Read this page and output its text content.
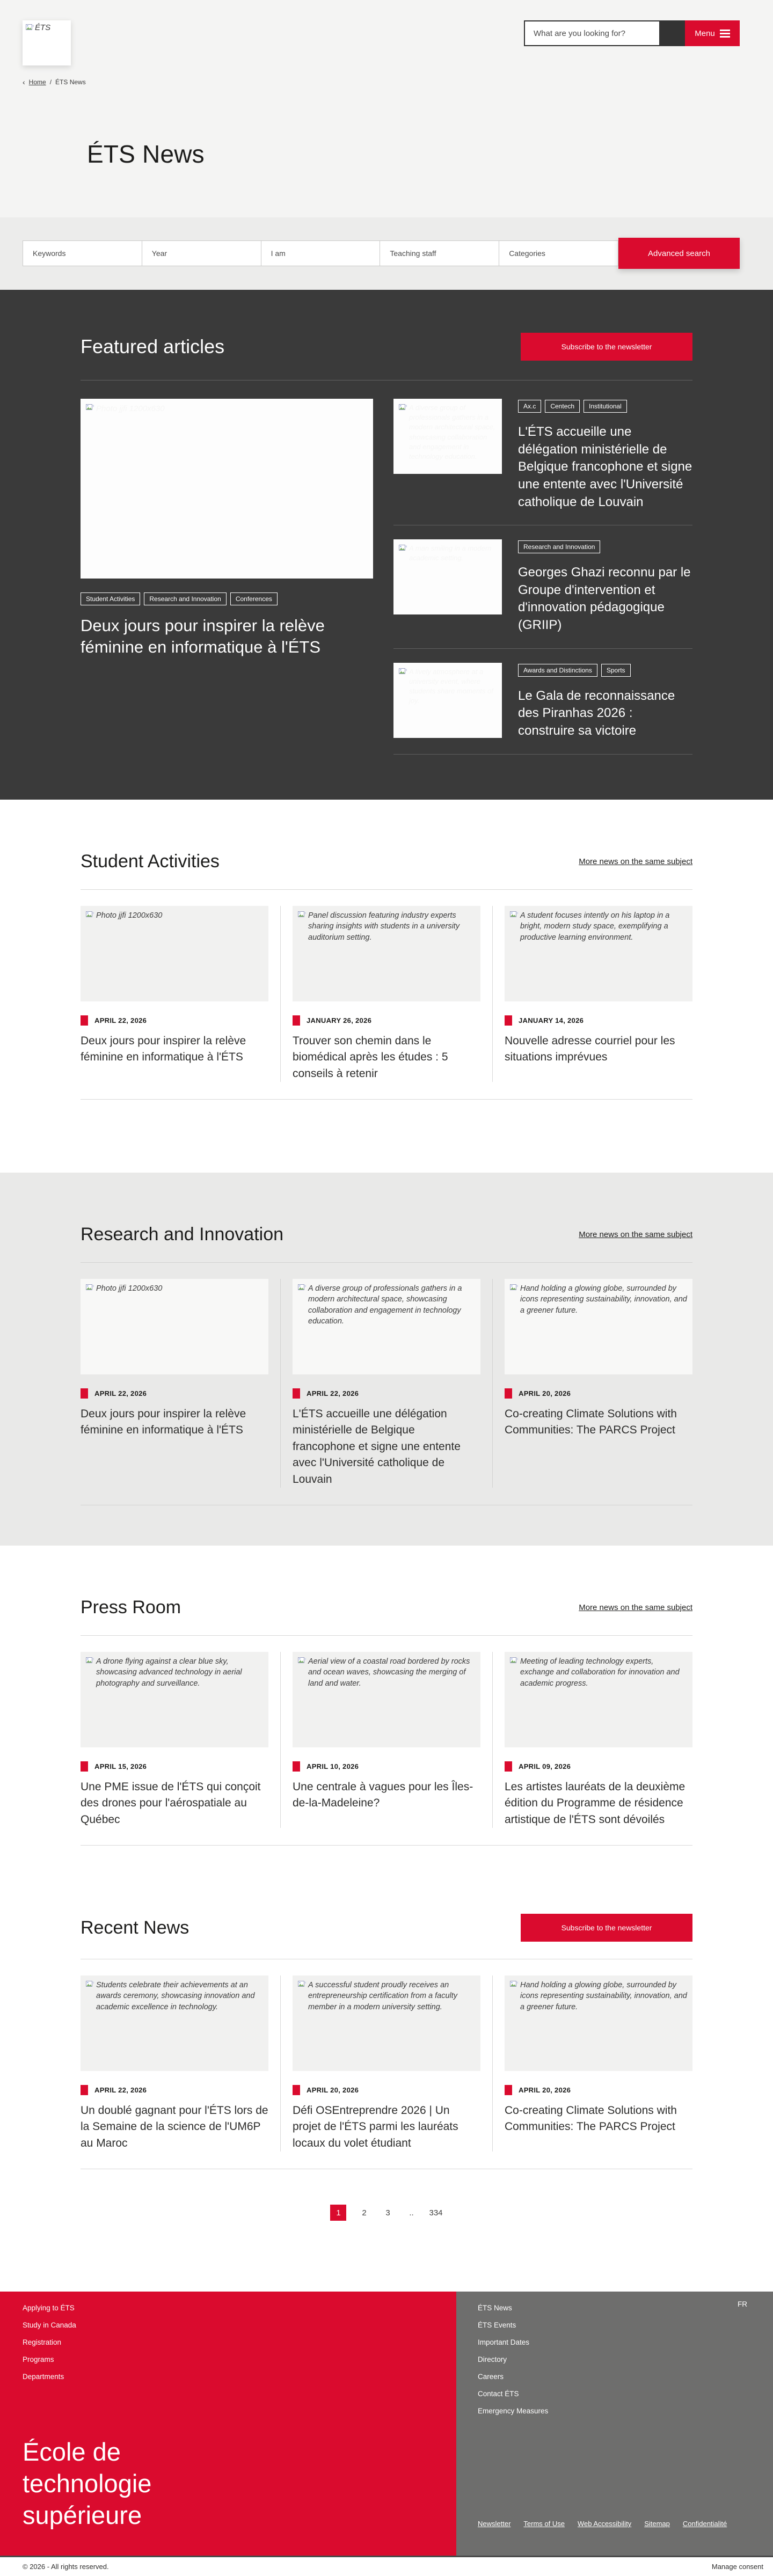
ÉTS
What are you looking for?
Menu
‹ Home / ÉTS News
ÉTS News
Keywords	Year	I am	Teaching staff	Categories	Advanced search
Featured articles	Subscribe to the newsletter
Photo jjfi 1200x630
Student Activities	Research and Innovation	Conferences
Deux jours pour inspirer la relève féminine en informatique à l'ÉTS
A diverse group of professionals gathers in a modern architectural space, showcasing collaboration and engagement in technology education.
Ax.c	Centech	Institutional
L'ÉTS accueille une délégation ministérielle de Belgique francophone et signe une entente avec l'Université catholique de Louvain
A man smiling in a modern academic setting.
Research and Innovation
Georges Ghazi reconnu par le Groupe d'intervention et d'innovation pédagogique (GRIIP)
A lively atmosphere at a university event, where students share moments of joy.
Awards and Distinctions	Sports
Le Gala de reconnaissance des Piranhas 2026 : construire sa victoire
Student Activities	More news on the same subject
Photo jjfi 1200x630
APRIL 22, 2026
Deux jours pour inspirer la relève féminine en informatique à l'ÉTS
Panel discussion featuring industry experts sharing insights with students in a university auditorium setting.
JANUARY 26, 2026
Trouver son chemin dans le biomédical après les études : 5 conseils à retenir
A student focuses intently on his laptop in a bright, modern study space, exemplifying a productive learning environment.
JANUARY 14, 2026
Nouvelle adresse courriel pour les situations imprévues
Research and Innovation	More news on the same subject
Photo jjfi 1200x630
APRIL 22, 2026
Deux jours pour inspirer la relève féminine en informatique à l'ÉTS
A diverse group of professionals gathers in a modern architectural space, showcasing collaboration and engagement in technology education.
APRIL 22, 2026
L'ÉTS accueille une délégation ministérielle de Belgique francophone et signe une entente avec l'Université catholique de Louvain
Hand holding a glowing globe, surrounded by icons representing sustainability, innovation, and a greener future.
APRIL 20, 2026
Co-creating Climate Solutions with Communities: The PARCS Project
Press Room	More news on the same subject
A drone flying against a clear blue sky, showcasing advanced technology in aerial photography and surveillance.
APRIL 15, 2026
Une PME issue de l'ÉTS qui conçoit des drones pour l'aérospatiale au Québec
Aerial view of a coastal road bordered by rocks and ocean waves, showcasing the merging of land and water.
APRIL 10, 2026
Une centrale à vagues pour les Îles-de-la-Madeleine?
Meeting of leading technology experts, exchange and collaboration for innovation and academic progress.
APRIL 09, 2026
Les artistes lauréats de la deuxième édition du Programme de résidence artistique de l'ÉTS sont dévoilés
Recent News	Subscribe to the newsletter
Students celebrate their achievements at an awards ceremony, showcasing innovation and academic excellence in technology.
APRIL 22, 2026
Un doublé gagnant pour l'ÉTS lors de la Semaine de la science de l'UM6P au Maroc
A successful student proudly receives an entrepreneurship certification from a faculty member in a modern university setting.
APRIL 20, 2026
Défi OSEntreprendre 2026 | Un projet de l'ÉTS parmi les lauréats locaux du volet étudiant
Hand holding a glowing globe, surrounded by icons representing sustainability, innovation, and a greener future.
APRIL 20, 2026
Co-creating Climate Solutions with Communities: The PARCS Project
1	2	3	..	334
Applying to ÉTS
Study in Canada
Registration
Programs
Departments
École de
technologie
supérieure
FR
ÉTS News
ÉTS Events
Important Dates
Directory
Careers
Contact ÉTS
Emergency Measures
Newsletter Terms of Use Web Accessibility Sitemap Confidentialité
© 2026 - All rights reserved.	Manage consent
